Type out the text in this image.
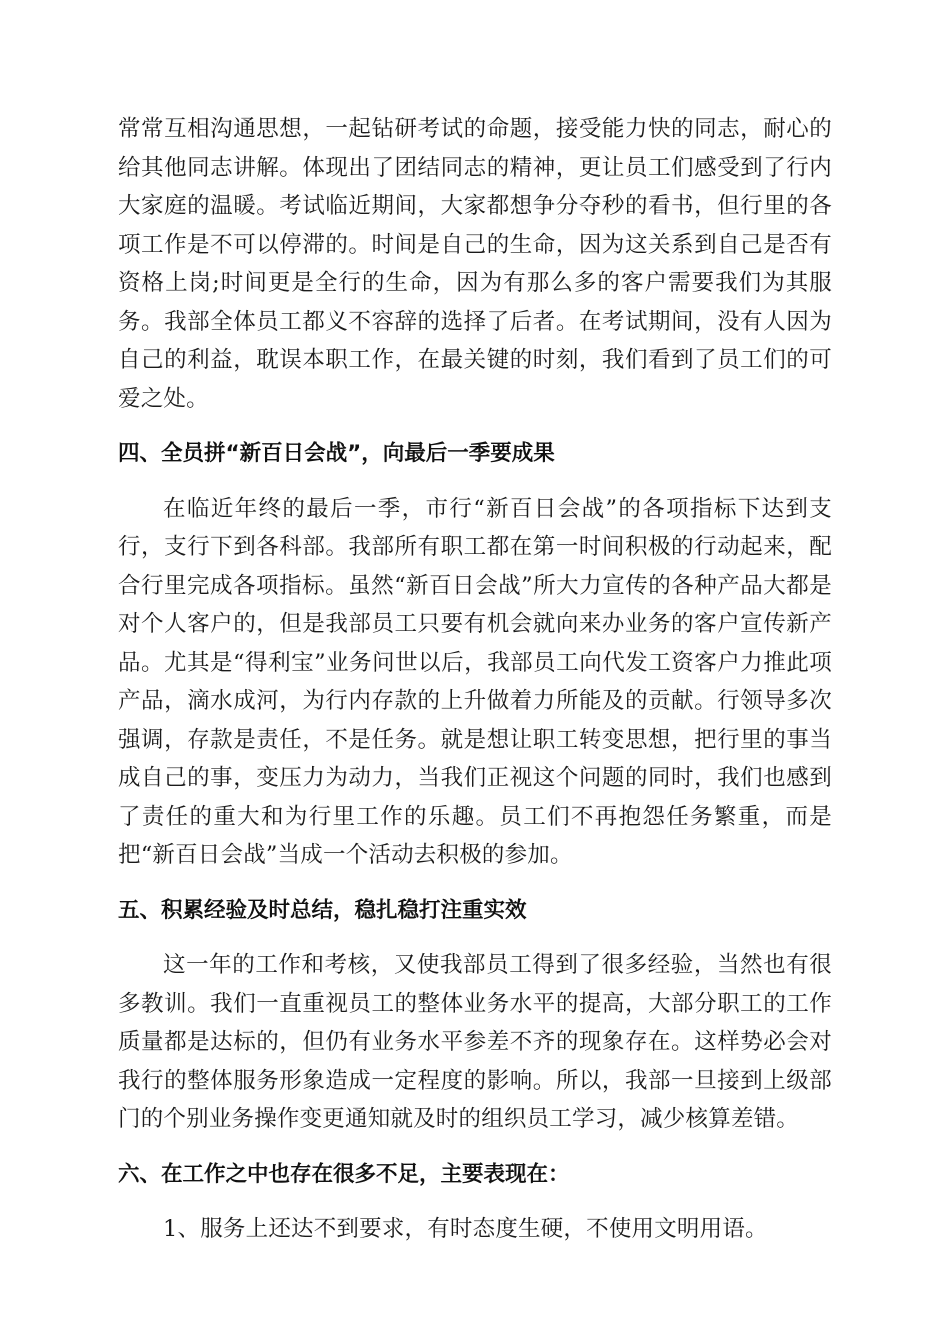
常常互相沟通思想，一起钻研考试的命题，接受能力快的同志，耐心的给其他同志讲解。体现出了团结同志的精神，更让员工们感受到了行内大家庭的温暖。考试临近期间，大家都想争分夺秒的看书，但行里的各项工作是不可以停滞的。时间是自己的生命，因为这关系到自己是否有资格上岗;时间更是全行的生命，因为有那么多的客户需要我们为其服务。我部全体员工都义不容辞的选择了后者。在考试期间，没有人因为自己的利益，耽误本职工作，在最关键的时刻，我们看到了员工们的可爱之处。

四、全员拼“新百日会战”，向最后一季要成果

在临近年终的最后一季，市行“新百日会战”的各项指标下达到支行，支行下到各科部。我部所有职工都在第一时间积极的行动起来，配合行里完成各项指标。虽然“新百日会战”所大力宣传的各种产品大都是对个人客户的，但是我部员工只要有机会就向来办业务的客户宣传新产品。尤其是“得利宝”业务问世以后，我部员工向代发工资客户力推此项产品，滴水成河，为行内存款的上升做着力所能及的贡献。行领导多次强调，存款是责任，不是任务。就是想让职工转变思想，把行里的事当成自己的事，变压力为动力，当我们正视这个问题的同时，我们也感到了责任的重大和为行里工作的乐趣。员工们不再抱怨任务繁重，而是把“新百日会战”当成一个活动去积极的参加。

五、积累经验及时总结，稳扎稳打注重实效

这一年的工作和考核，又使我部员工得到了很多经验，当然也有很多教训。我们一直重视员工的整体业务水平的提高，大部分职工的工作质量都是达标的，但仍有业务水平参差不齐的现象存在。这样势必会对我行的整体服务形象造成一定程度的影响。所以，我部一旦接到上级部门的个别业务操作变更通知就及时的组织员工学习，减少核算差错。

六、在工作之中也存在很多不足，主要表现在：

1、服务上还达不到要求，有时态度生硬，不使用文明用语。
